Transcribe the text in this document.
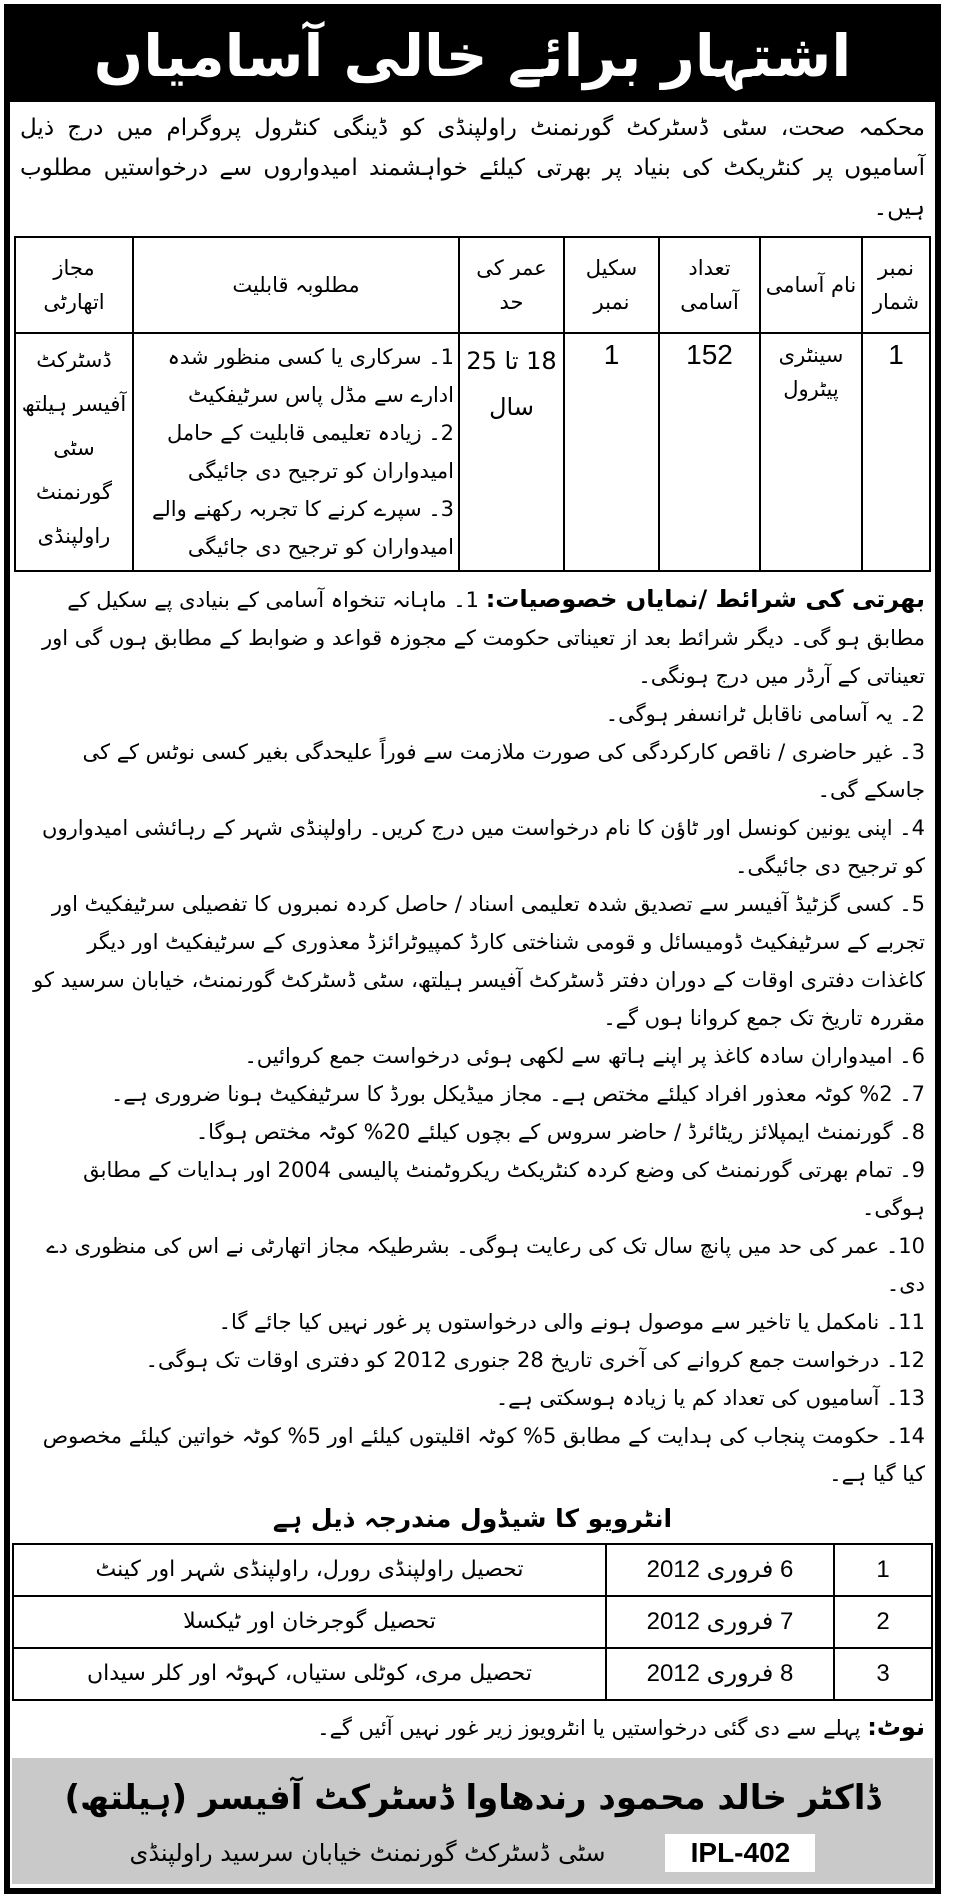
اشتہار برائے خالی آسامیاں
محکمہ صحت، سٹی ڈسٹرکٹ گورنمنٹ راولپنڈی کو ڈینگی کنٹرول پروگرام میں درج ذیل آسامیوں پر کنٹریکٹ کی بنیاد پر بھرتی کیلئے خواہشمند امیدواروں سے درخواستیں مطلوب ہیں۔
نمبر شمار	نام آسامی	تعداد آسامی	سکیل نمبر	عمر کی حد	مطلوبہ قابلیت	مجاز اتھارٹی
1	سینٹری پیٹرول	152	1	18 تا 25 سال	1۔ سرکاری یا کسی منظور شدہ ادارے سے مڈل پاس سرٹیفکیٹ
2۔ زیادہ تعلیمی قابلیت کے حامل امیدواران کو ترجیح دی جائیگی
3۔ سپرے کرنے کا تجربہ رکھنے والے امیدواران کو ترجیح دی جائیگی	ڈسٹرکٹ آفیسر ہیلتھ سٹی گورنمنٹ راولپنڈی

بھرتی کی شرائط /نمایاں خصوصیات: 1۔ ماہانہ تنخواہ آسامی کے بنیادی پے سکیل کے مطابق ہو گی۔ دیگر شرائط بعد از تعیناتی حکومت کے مجوزہ قواعد و ضوابط کے مطابق ہوں گی اور تعیناتی کے آرڈر میں درج ہونگی۔

2۔ یہ آسامی ناقابل ٹرانسفر ہوگی۔

3۔ غیر حاضری / ناقص کارکردگی کی صورت ملازمت سے فوراً علیحدگی بغیر کسی نوٹس کے کی جاسکے گی۔

4۔ اپنی یونین کونسل اور ٹاؤن کا نام درخواست میں درج کریں۔ راولپنڈی شہر کے رہائشی امیدواروں کو ترجیح دی جائیگی۔

5۔ کسی گزٹیڈ آفیسر سے تصدیق شدہ تعلیمی اسناد / حاصل کردہ نمبروں کا تفصیلی سرٹیفکیٹ اور تجربے کے سرٹیفکیٹ ڈومیسائل و قومی شناختی کارڈ کمپیوٹرائزڈ معذوری کے سرٹیفکیٹ اور دیگر کاغذات دفتری اوقات کے دوران دفتر ڈسٹرکٹ آفیسر ہیلتھ، سٹی ڈسٹرکٹ گورنمنٹ، خیابان سرسید کو مقررہ تاریخ تک جمع کروانا ہوں گے۔

6۔ امیدواران سادہ کاغذ پر اپنے ہاتھ سے لکھی ہوئی درخواست جمع کروائیں۔

7۔ 2% کوٹہ معذور افراد کیلئے مختص ہے۔ مجاز میڈیکل بورڈ کا سرٹیفکیٹ ہونا ضروری ہے۔

8۔ گورنمنٹ ایمپلائز ریٹائرڈ / حاضر سروس کے بچوں کیلئے 20% کوٹہ مختص ہوگا۔

9۔ تمام بھرتی گورنمنٹ کی وضع کردہ کنٹریکٹ ریکروٹمنٹ پالیسی 2004 اور ہدایات کے مطابق ہوگی۔

10۔ عمر کی حد میں پانچ سال تک کی رعایت ہوگی۔ بشرطیکہ مجاز اتھارٹی نے اس کی منظوری دے دی۔

11۔ نامکمل یا تاخیر سے موصول ہونے والی درخواستوں پر غور نہیں کیا جائے گا۔

12۔ درخواست جمع کروانے کی آخری تاریخ 28 جنوری 2012 کو دفتری اوقات تک ہوگی۔

13۔ آسامیوں کی تعداد کم یا زیادہ ہوسکتی ہے۔

14۔ حکومت پنجاب کی ہدایت کے مطابق 5% کوٹہ اقلیتوں کیلئے اور 5% کوٹہ خواتین کیلئے مخصوص کیا گیا ہے۔

انٹرویو کا شیڈول مندرجہ ذیل ہے
1	6 فروری 2012	تحصیل راولپنڈی رورل، راولپنڈی شہر اور کینٹ
2	7 فروری 2012	تحصیل گوجرخان اور ٹیکسلا
3	8 فروری 2012	تحصیل مری، کوٹلی ستیاں، کہوٹہ اور کلر سیداں
نوٹ: پہلے سے دی گئی درخواستیں یا انٹرویوز زیر غور نہیں آئیں گے۔
ڈاکٹر خالد محمود رندھاوا ڈسٹرکٹ آفیسر (ہیلتھ)
سٹی ڈسٹرکٹ گورنمنٹ خیابان سرسید راولپنڈی	IPL-402
